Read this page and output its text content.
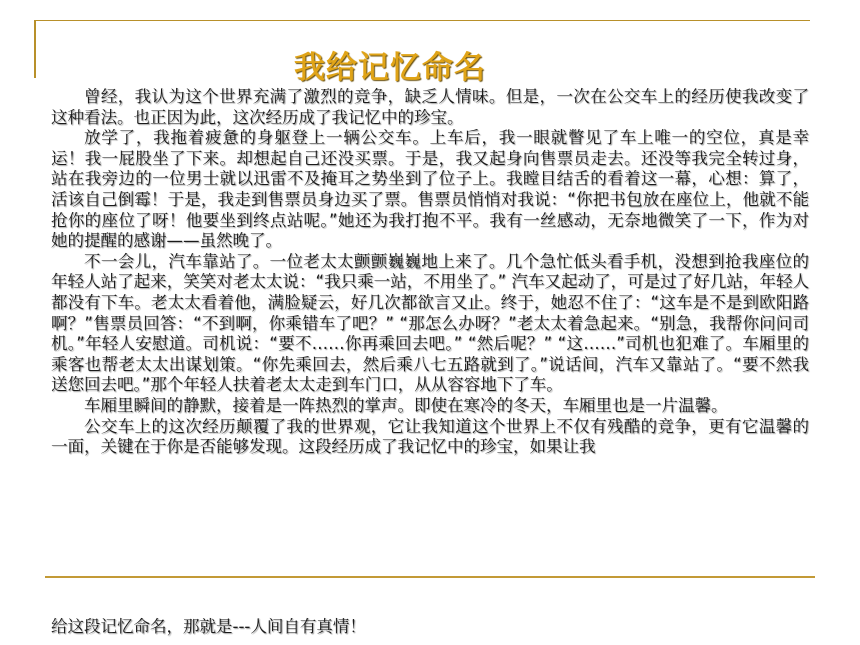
我给记忆命名

曾经，我认为这个世界充满了激烈的竞争，缺乏人情味。但是，一次在公交车上的经历使我改变了这种看法。也正因为此，这次经历成了我记忆中的珍宝。

放学了，我拖着疲惫的身躯登上一辆公交车。上车后，我一眼就瞥见了车上唯一的空位，真是幸运！我一屁股坐了下来。却想起自己还没买票。于是，我又起身向售票员走去。还没等我完全转过身，站在我旁边的一位男士就以迅雷不及掩耳之势坐到了位子上。我瞠目结舌的看着这一幕，心想：算了，活该自己倒霉！于是，我走到售票员身边买了票。售票员悄悄对我说：“你把书包放在座位上，他就不能抢你的座位了呀！他要坐到终点站呢。”她还为我打抱不平。我有一丝感动，无奈地微笑了一下，作为对她的提醒的感谢——虽然晚了。

不一会儿，汽车靠站了。一位老太太颤颤巍巍地上来了。几个急忙低头看手机，没想到抢我座位的年轻人站了起来，笑笑对老太太说：“我只乘一站，不用坐了。” 汽车又起动了，可是过了好几站，年轻人都没有下车。老太太看着他，满脸疑云，好几次都欲言又止。终于，她忍不住了：“这车是不是到欧阳路啊？”售票员回答：“不到啊，你乘错车了吧？” “那怎么办呀？”老太太着急起来。“别急，我帮你问问司机。”年轻人安慰道。司机说：“要不……你再乘回去吧。” “然后呢？” “这……”司机也犯难了。车厢里的乘客也帮老太太出谋划策。“你先乘回去，然后乘八七五路就到了。”说话间，汽车又靠站了。“要不然我送您回去吧。”那个年轻人扶着老太太走到车门口，从从容容地下了车。

车厢里瞬间的静默，接着是一阵热烈的掌声。即使在寒冷的冬天，车厢里也是一片温馨。

公交车上的这次经历颠覆了我的世界观，它让我知道这个世界上不仅有残酷的竞争，更有它温馨的一面，关键在于你是否能够发现。这段经历成了我记忆中的珍宝，如果让我

给这段记忆命名，那就是---人间自有真情！
